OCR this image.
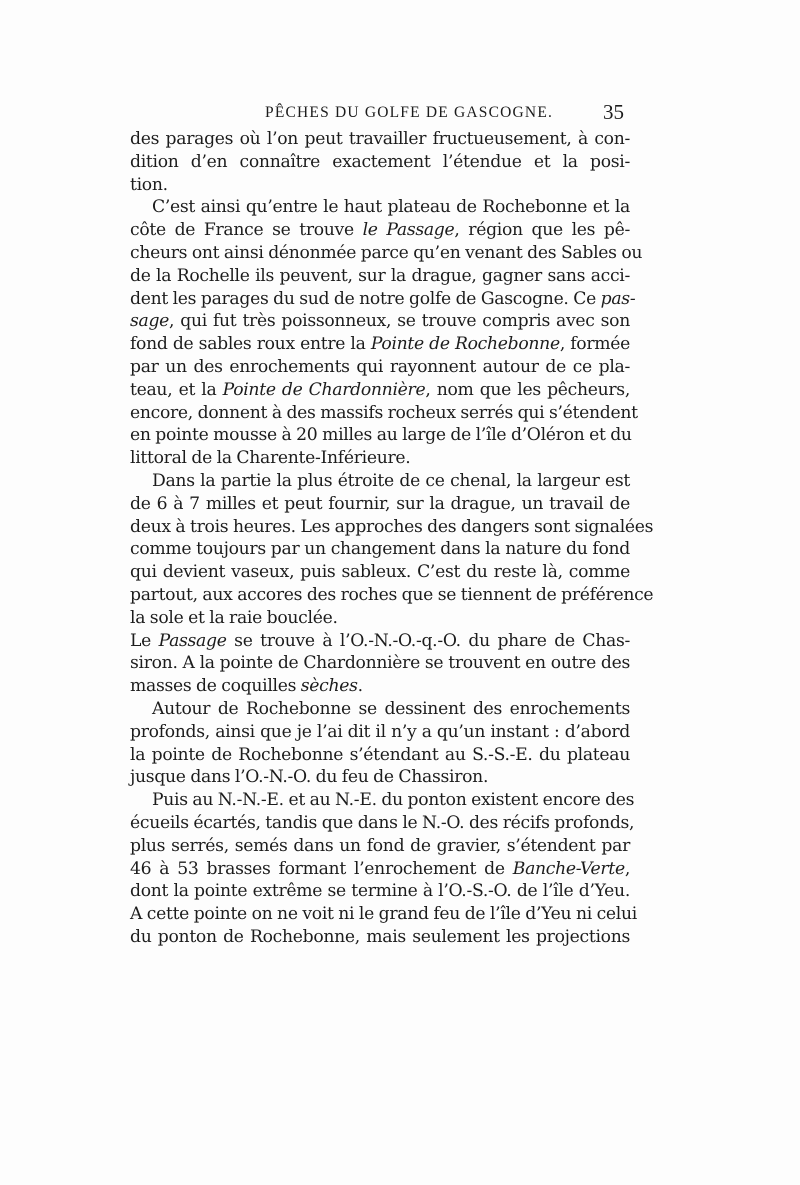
PÊCHES DU GOLFE DE GASCOGNE. 35
des parages où l’on peut travailler fructueusement, à con-
dition d’en connaître exactement l’étendue et la posi-
tion.
C’est ainsi qu’entre le haut plateau de Rochebonne et la
côte de France se trouve le Passage, région que les pê-
cheurs ont ainsi dénonmée parce qu’en venant des Sables ou
de la Rochelle ils peuvent, sur la drague, gagner sans acci-
dent les parages du sud de notre golfe de Gascogne. Ce pas-
sage, qui fut très poissonneux, se trouve compris avec son
fond de sables roux entre la Pointe de Rochebonne, formée
par un des enrochements qui rayonnent autour de ce pla-
teau, et la Pointe de Chardonnière, nom que les pêcheurs,
encore, donnent à des massifs rocheux serrés qui s’étendent
en pointe mousse à 20 milles au large de l’île d’Oléron et du
littoral de la Charente-Inférieure.
Dans la partie la plus étroite de ce chenal, la largeur est
de 6 à 7 milles et peut fournir, sur la drague, un travail de
deux à trois heures. Les approches des dangers sont signalées
comme toujours par un changement dans la nature du fond
qui devient vaseux, puis sableux. C’est du reste là, comme
partout, aux accores des roches que se tiennent de préférence
la sole et la raie bouclée.
Le Passage se trouve à l’O.-N.-O.-q.-O. du phare de Chas-
siron. A la pointe de Chardonnière se trouvent en outre des
masses de coquilles sèches.
Autour de Rochebonne se dessinent des enrochements
profonds, ainsi que je l’ai dit il n’y a qu’un instant : d’abord
la pointe de Rochebonne s’étendant au S.-S.-E. du plateau
jusque dans l’O.-N.-O. du feu de Chassiron.
Puis au N.-N.-E. et au N.-E. du ponton existent encore des
écueils écartés, tandis que dans le N.-O. des récifs profonds,
plus serrés, semés dans un fond de gravier, s’étendent par
46 à 53 brasses formant l’enrochement de Banche-Verte,
dont la pointe extrême se termine à l’O.-S.-O. de l’île d’Yeu.
A cette pointe on ne voit ni le grand feu de l’île d’Yeu ni celui
du ponton de Rochebonne, mais seulement les projections
